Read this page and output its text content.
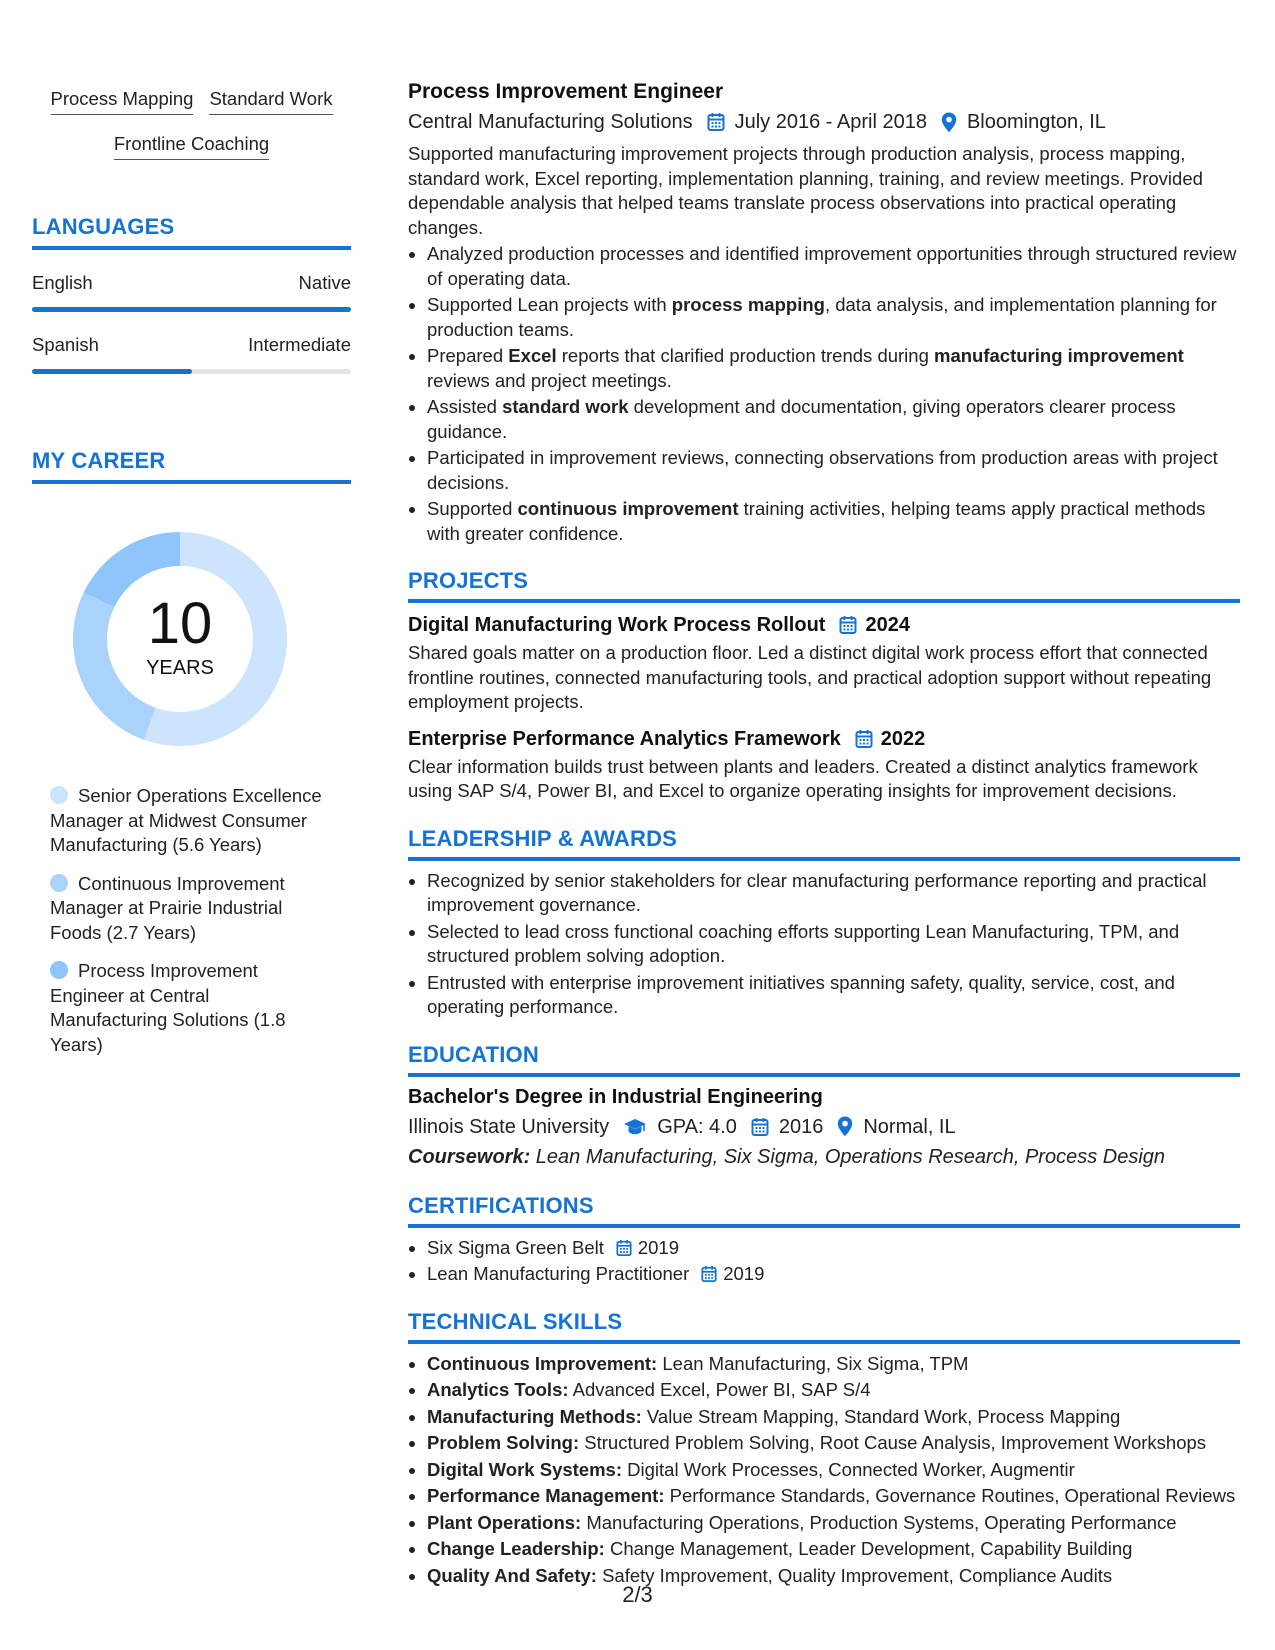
Process Mapping Standard Work
Frontline Coaching
LANGUAGES
English	Native
Spanish	Intermediate
MY CAREER
10
YEARS
Senior Operations Excellence Manager at Midwest Consumer Manufacturing (5.6 Years)
Continuous Improvement Manager at Prairie Industrial Foods (2.7 Years)
Process Improvement Engineer at Central Manufacturing Solutions (1.8 Years)
Process Improvement Engineer
Central Manufacturing Solutions July 2016 - April 2018 Bloomington, IL
Supported manufacturing improvement projects through production analysis, process mapping, standard work, Excel reporting, implementation planning, training, and review meetings. Provided dependable analysis that helped teams translate process observations into practical operating changes.
• Analyzed production processes and identified improvement opportunities through structured review of operating data.
• Supported Lean projects with process mapping, data analysis, and implementation planning for production teams.
• Prepared Excel reports that clarified production trends during manufacturing improvement reviews and project meetings.
• Assisted standard work development and documentation, giving operators clearer process guidance.
• Participated in improvement reviews, connecting observations from production areas with project decisions.
• Supported continuous improvement training activities, helping teams apply practical methods with greater confidence.
PROJECTS
Digital Manufacturing Work Process Rollout 2024
Shared goals matter on a production floor. Led a distinct digital work process effort that connected frontline routines, connected manufacturing tools, and practical adoption support without repeating employment projects.
Enterprise Performance Analytics Framework 2022
Clear information builds trust between plants and leaders. Created a distinct analytics framework using SAP S/4, Power BI, and Excel to organize operating insights for improvement decisions.
LEADERSHIP & AWARDS
• Recognized by senior stakeholders for clear manufacturing performance reporting and practical improvement governance.
• Selected to lead cross functional coaching efforts supporting Lean Manufacturing, TPM, and structured problem solving adoption.
• Entrusted with enterprise improvement initiatives spanning safety, quality, service, cost, and operating performance.
EDUCATION
Bachelor's Degree in Industrial Engineering
Illinois State University GPA: 4.0 2016 Normal, IL
Coursework: Lean Manufacturing, Six Sigma, Operations Research, Process Design
CERTIFICATIONS
• Six Sigma Green Belt 2019
• Lean Manufacturing Practitioner 2019
TECHNICAL SKILLS
• Continuous Improvement: Lean Manufacturing, Six Sigma, TPM
• Analytics Tools: Advanced Excel, Power BI, SAP S/4
• Manufacturing Methods: Value Stream Mapping, Standard Work, Process Mapping
• Problem Solving: Structured Problem Solving, Root Cause Analysis, Improvement Workshops
• Digital Work Systems: Digital Work Processes, Connected Worker, Augmentir
• Performance Management: Performance Standards, Governance Routines, Operational Reviews
• Plant Operations: Manufacturing Operations, Production Systems, Operating Performance
• Change Leadership: Change Management, Leader Development, Capability Building
• Quality And Safety: Safety Improvement, Quality Improvement, Compliance Audits
2/3
